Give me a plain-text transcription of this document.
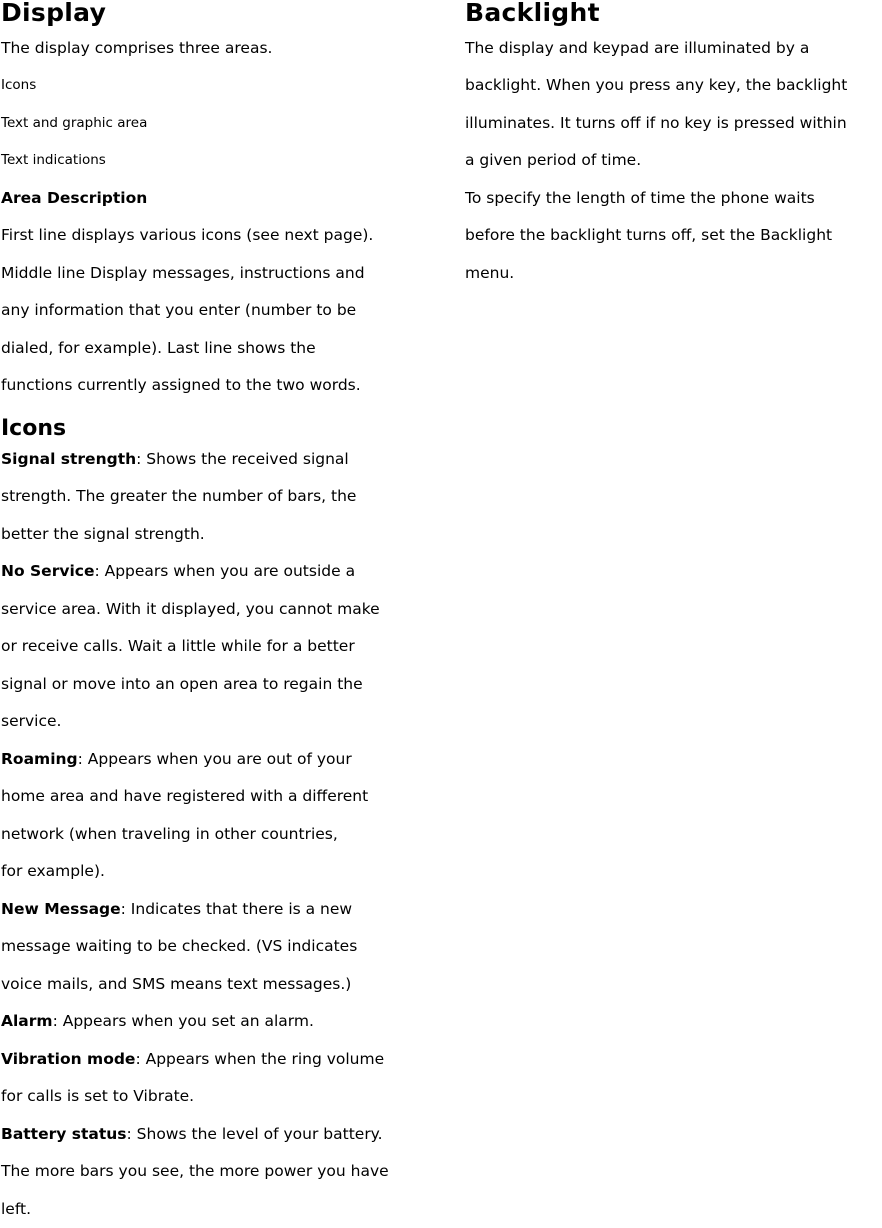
Display

The display comprises three areas.

Icons

Text and graphic area

Text indications

Area Description

First line displays various icons (see next page).

Middle line Display messages, instructions and

any information that you enter (number to be

dialed, for example). Last line shows the

functions currently assigned to the two words.

Icons

Signal strength: Shows the received signal

strength. The greater the number of bars, the

better the signal strength.

No Service: Appears when you are outside a

service area. With it displayed, you cannot make

or receive calls. Wait a little while for a better

signal or move into an open area to regain the

service.

Roaming: Appears when you are out of your

home area and have registered with a different

network (when traveling in other countries,

for example).

New Message: Indicates that there is a new

message waiting to be checked. (VS indicates

voice mails, and SMS means text messages.)

Alarm: Appears when you set an alarm.

Vibration mode: Appears when the ring volume

for calls is set to Vibrate.

Battery status: Shows the level of your battery.

The more bars you see, the more power you have

left.

Backlight

The display and keypad are illuminated by a

backlight. When you press any key, the backlight

illuminates. It turns off if no key is pressed within

a given period of time.

To specify the length of time the phone waits

before the backlight turns off, set the Backlight

menu.
